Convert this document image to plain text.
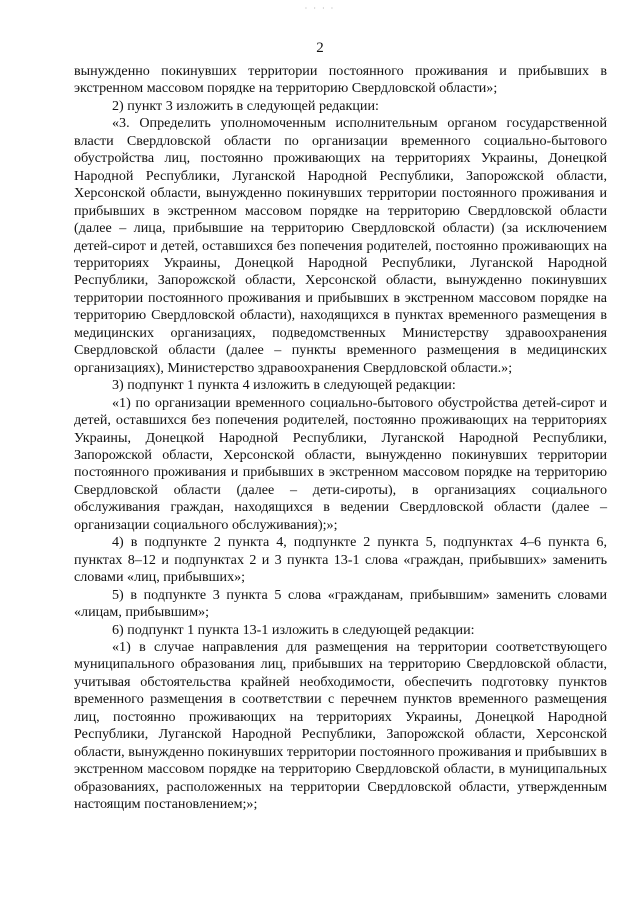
· · · ·
2

вынужденно покинувших территории постоянного проживания и прибывших в экстренном массовом порядке на территорию Свердловской области»;

2) пункт 3 изложить в следующей редакции:

«3. Определить уполномоченным исполнительным органом государственной власти Свердловской области по организации временного социально-бытового обустройства лиц, постоянно проживающих на территориях Украины, Донецкой Народной Республики, Луганской Народной Республики, Запорожской области, Херсонской области, вынужденно покинувших территории постоянного проживания и прибывших в экстренном массовом порядке на территорию Свердловской области (далее – лица, прибывшие на территорию Свердловской области) (за исключением детей-сирот и детей, оставшихся без попечения родителей, постоянно проживающих на территориях Украины, Донецкой Народной Республики, Луганской Народной Республики, Запорожской области, Херсонской области, вынужденно покинувших территории постоянного проживания и прибывших в экстренном массовом порядке на территорию Свердловской области), находящихся в пунктах временного размещения в медицинских организациях, подведомственных Министерству здравоохранения Свердловской области (далее – пункты временного размещения в медицинских организациях), Министерство здравоохранения Свердловской области.»;

3) подпункт 1 пункта 4 изложить в следующей редакции:

«1) по организации временного социально-бытового обустройства детей-сирот и детей, оставшихся без попечения родителей, постоянно проживающих на территориях Украины, Донецкой Народной Республики, Луганской Народной Республики, Запорожской области, Херсонской области, вынужденно покинувших территории постоянного проживания и прибывших в экстренном массовом порядке на территорию Свердловской области (далее – дети-сироты), в организациях социального обслуживания граждан, находящихся в ведении Свердловской области (далее – организации социального обслуживания);»;

4) в подпункте 2 пункта 4, подпункте 2 пункта 5, подпунктах 4–6 пункта 6, пунктах 8–12 и подпунктах 2 и 3 пункта 13-1 слова «граждан, прибывших» заменить словами «лиц, прибывших»;

5) в подпункте 3 пункта 5 слова «гражданам, прибывшим» заменить словами «лицам, прибывшим»;

6) подпункт 1 пункта 13-1 изложить в следующей редакции:

«1) в случае направления для размещения на территории соответствующего муниципального образования лиц, прибывших на территорию Свердловской области, учитывая обстоятельства крайней необходимости, обеспечить подготовку пунктов временного размещения в соответствии с перечнем пунктов временного размещения лиц, постоянно проживающих на территориях Украины, Донецкой Народной Республики, Луганской Народной Республики, Запорожской области, Херсонской области, вынужденно покинувших территории постоянного проживания и прибывших в экстренном массовом порядке на территорию Свердловской области, в муниципальных образованиях, расположенных на территории Свердловской области, утвержденным настоящим постановлением;»;
